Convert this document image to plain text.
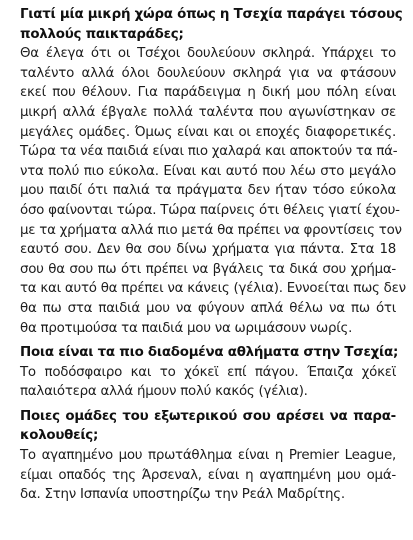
Γιατί μία μικρή χώρα όπως η Τσεχία παράγει τόσους
πολλούς παικταράδες;
Θα έλεγα ότι οι Τσέχοι δουλεύουν σκληρά. Υπάρχει το
ταλέντο αλλά όλοι δουλεύουν σκληρά για να φτάσουν
εκεί που θέλουν. Για παράδειγμα η δική μου πόλη είναι
μικρή αλλά έβγαλε πολλά ταλέντα που αγωνίστηκαν σε
μεγάλες ομάδες. Όμως είναι και οι εποχές διαφορετικές.
Τώρα τα νέα παιδιά είναι πιο χαλαρά και αποκτούν τα πά-
ντα πολύ πιο εύκολα. Είναι και αυτό που λέω στο μεγάλο
μου παιδί ότι παλιά τα πράγματα δεν ήταν τόσο εύκολα
όσο φαίνονται τώρα. Τώρα παίρνεις ότι θέλεις γιατί έχου-
με τα χρήματα αλλά πιο μετά θα πρέπει να φροντίσεις τον
εαυτό σου. Δεν θα σου δίνω χρήματα για πάντα. Στα 18
σου θα σου πω ότι πρέπει να βγάλεις τα δικά σου χρήμα-
τα και αυτό θα πρέπει να κάνεις (γέλια). Εννοείται πως δεν
θα πω στα παιδιά μου να φύγουν απλά θέλω να πω ότι
θα προτιμούσα τα παιδιά μου να ωριμάσουν νωρίς.
Ποια είναι τα πιο διαδομένα αθλήματα στην Τσεχία;
Το ποδόσφαιρο και το χόκεϊ επί πάγου. Έπαιζα χόκεϊ
παλαιότερα αλλά ήμουν πολύ κακός (γέλια).
Ποιες ομάδες του εξωτερικού σου αρέσει να παρα-
κολουθείς;
Το αγαπημένο μου πρωτάθλημα είναι η Premier League,
είμαι οπαδός της Άρσεναλ, είναι η αγαπημένη μου ομά-
δα. Στην Ισπανία υποστηρίζω την Ρεάλ Μαδρίτης.
